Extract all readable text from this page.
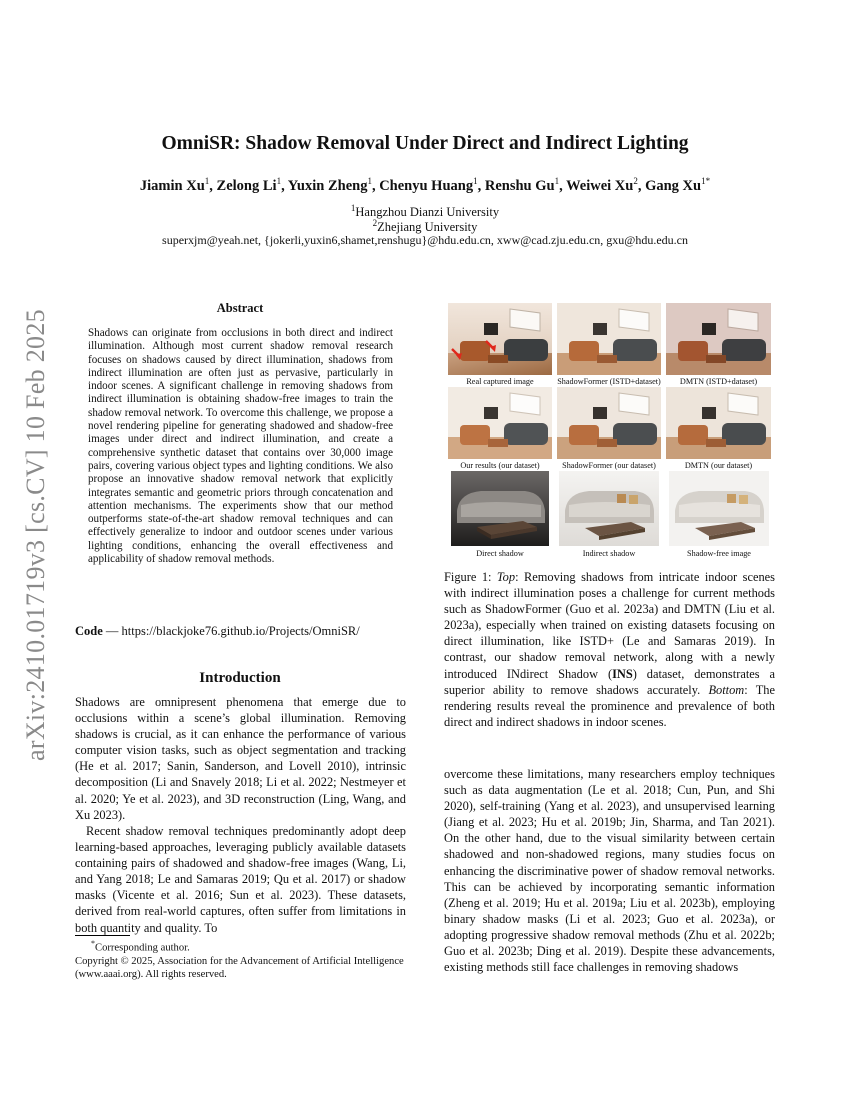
arXiv:2410.01719v3 [cs.CV] 10 Feb 2025
OmniSR: Shadow Removal Under Direct and Indirect Lighting
Jiamin Xu$^1$, Zelong Li$^1$, Yuxin Zheng$^1$, Chenyu Huang$^1$, Renshu Gu$^1$, Weiwei Xu$^2$, Gang $Xu^{1*}$
$^1$Hangzhou Dianzi University
$^2$Zhejiang University
superxjm@yeah.net, {jokerli,yuxin6,shamet,renshugu}@hdu.edu.cn, xww@cad.zju.edu.cn, gxu@hdu.edu.cn
Abstract
Shadows can originate from occlusions in both direct and indirect illumination. Although most current shadow removal research focuses on shadows caused by direct illumination, shadows from indirect illumination are often just as pervasive, particularly in indoor scenes. A significant challenge in removing shadows from indirect illumination is obtaining shadow-free images to train the shadow removal network. To overcome this challenge, we propose a novel rendering pipeline for generating shadowed and shadow-free images under direct and indirect illumination, and create a comprehensive synthetic dataset that contains over 30,000 image pairs, covering various object types and lighting conditions. We also propose an innovative shadow removal network that explicitly integrates semantic and geometric priors through concatenation and attention mechanisms. The experiments show that our method outperforms state-of-the-art shadow removal techniques and can effectively generalize to indoor and outdoor scenes under various lighting conditions, enhancing the overall effectiveness and applicability of shadow removal methods.
Code — https://blackjoke76.github.io/Projects/OmniSR/
Introduction
Shadows are omnipresent phenomena that emerge due to occlusions within a scene’s global illumination. Removing shadows is crucial, as it can enhance the performance of various computer vision tasks, such as object segmentation and tracking (He et al. 2017; Sanin, Sanderson, and Lovell 2010), intrinsic decomposition (Li and Snavely 2018; Li et al. 2022; Nestmeyer et al. 2020; Ye et al. 2023), and 3D reconstruction (Ling, Wang, and Xu 2023).
Recent shadow removal techniques predominantly adopt deep learning-based approaches, leveraging publicly available datasets containing pairs of shadowed and shadow-free images (Wang, Li, and Yang 2018; Le and Samaras 2019; Qu et al. 2017) or shadow masks (Vicente et al. 2016; Sun et al. 2023). These datasets, derived from real-world captures, often suffer from limitations in both quantity and quality. To
*Corresponding author.
Copyright © 2025, Association for the Advancement of Artificial Intelligence (www.aaai.org). All rights reserved.
Real captured image	ShadowFormer (ISTD+dataset)	DMTN (ISTD+dataset)
Our results (our dataset)	ShadowFormer (our dataset)	DMTN (our dataset)
Direct shadow	Indirect shadow	Shadow-free image
Figure 1: Top: Removing shadows from intricate indoor scenes with indirect illumination poses a challenge for current methods such as ShadowFormer (Guo et al. 2023a) and DMTN (Liu et al. 2023a), especially when trained on existing datasets focusing on direct illumination, like ISTD+ (Le and Samaras 2019). In contrast, our shadow removal network, along with a newly introduced INdirect Shadow (INS) dataset, demonstrates a superior ability to remove shadows accurately. Bottom: The rendering results reveal the prominence and prevalence of both direct and indirect shadows in indoor scenes.
overcome these limitations, many researchers employ techniques such as data augmentation (Le et al. 2018; Cun, Pun, and Shi 2020), self-training (Yang et al. 2023), and unsupervised learning (Jiang et al. 2023; Hu et al. 2019b; Jin, Sharma, and Tan 2021). On the other hand, due to the visual similarity between certain shadowed and non-shadowed regions, many studies focus on enhancing the discriminative power of shadow removal networks. This can be achieved by incorporating semantic information (Zheng et al. 2019; Hu et al. 2019a; Liu et al. 2023b), employing binary shadow masks (Li et al. 2023; Guo et al. 2023a), or adopting progressive shadow removal methods (Zhu et al. 2022b; Guo et al. 2023b; Ding et al. 2019). Despite these advancements, existing methods still face challenges in removing shadows
